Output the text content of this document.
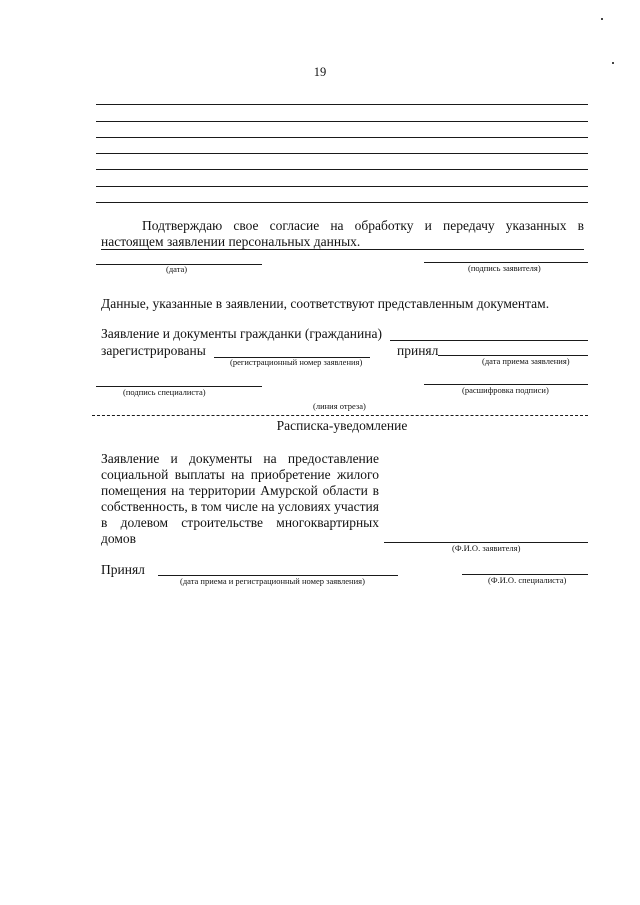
19
Подтверждаю свое согласие на обработку и передачу указанных в
настоящем заявлении персональных данных.
(дата)	(подпись заявителя)
Данные, указанные в заявлении, соответствуют представленным документам.
Заявление и документы гражданки (гражданина)
зарегистрированы
(регистрационный номер заявления)
принял
(дата приема заявления)
(подпись специалиста)	(расшифровка подписи)
(линия отреза)
Расписка-уведомление
Заявление и документы на предоставление
социальной выплаты на приобретение жилого
помещения на территории Амурской области в
собственность, в том числе на условиях участия
в долевом строительстве многоквартирных
домов
(Ф.И.О. заявителя)
Принял
(дата приема и регистрационный номер заявления)	(Ф.И.О. специалиста)
